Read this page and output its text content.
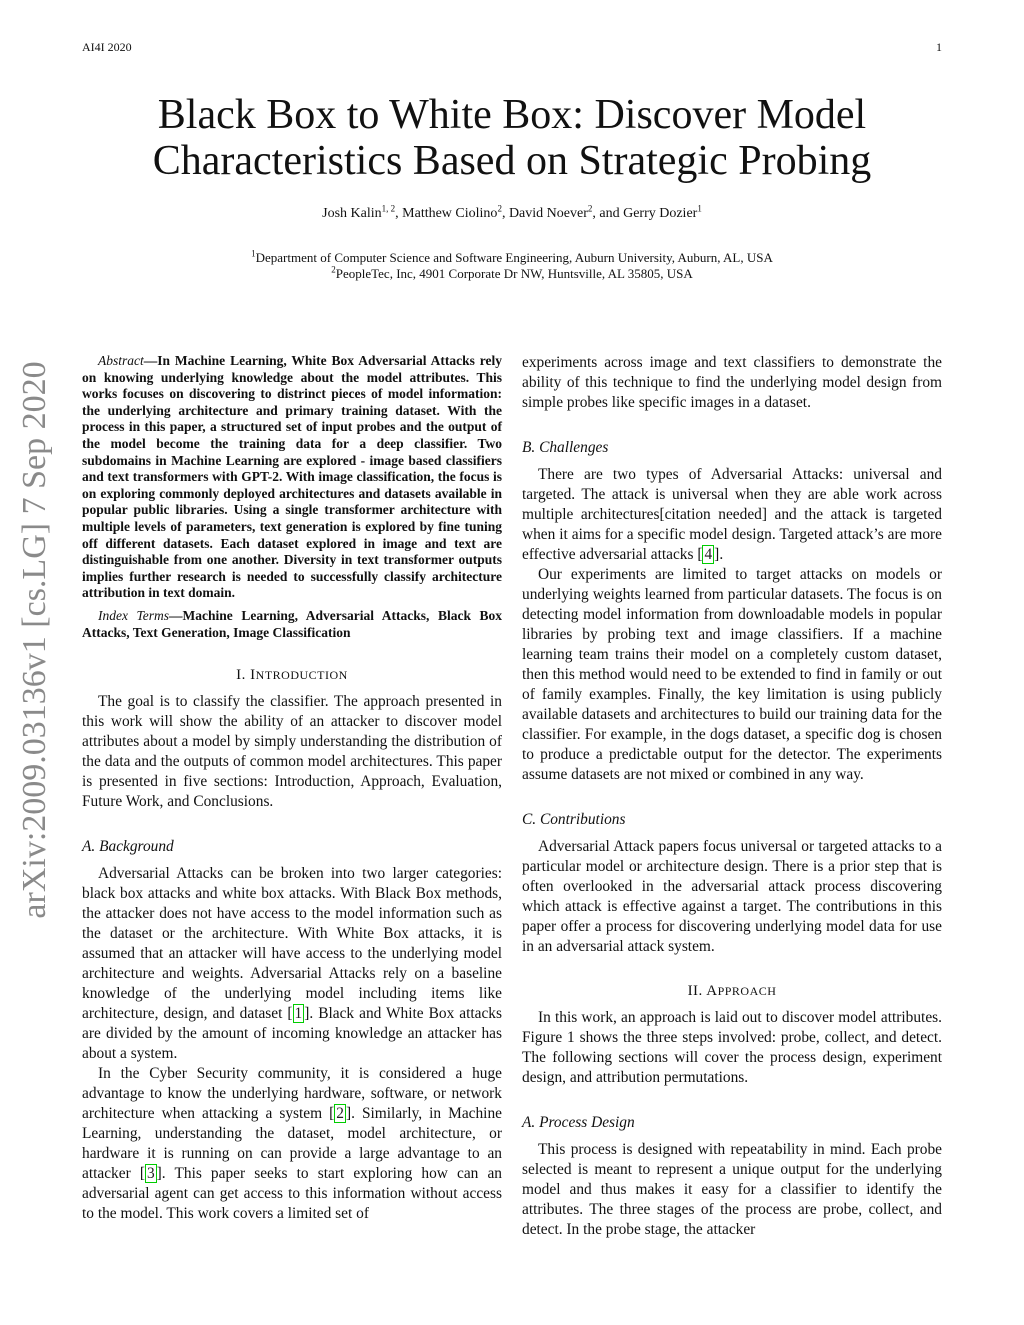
AI4I 2020	1
arXiv:2009.03136v1 [cs.LG] 7 Sep 2020
Black Box to White Box: Discover Model
Characteristics Based on Strategic Probing
Josh Kalin$^{1, 2}$, Matthew Ciolino$^2$, David Noever$^2$, and Gerry Dozier$^1$
$^1$Department of Computer Science and Software Engineering, Auburn University, Auburn, AL, USA
$^2$PeopleTec, Inc, 4901 Corporate Dr NW, Huntsville, AL 35805, USA

Abstract—In Machine Learning, White Box Adversarial Attacks rely on knowing underlying knowledge about the model attributes. This works focuses on discovering to distrinct pieces of model information: the underlying architecture and primary training dataset. With the process in this paper, a structured set of input probes and the output of the model become the training data for a deep classifier. Two subdomains in Machine Learning are explored - image based classifiers and text transformers with GPT-2. With image classification, the focus is on exploring commonly deployed architectures and datasets available in popular public libraries. Using a single transformer architecture with multiple levels of parameters, text generation is explored by fine tuning off different datasets. Each dataset explored in image and text are distinguishable from one another. Diversity in text transformer outputs implies further research is needed to successfully classify architecture attribution in text domain.

Index Terms—Machine Learning, Adversarial Attacks, Black Box Attacks, Text Generation, Image Classification

I. INTRODUCTION

The goal is to classify the classifier. The approach presented in this work will show the ability of an attacker to discover model attributes about a model by simply understanding the distribution of the data and the outputs of common model architectures. This paper is presented in five sections: Introduction, Approach, Evaluation, Future Work, and Conclusions.

A. Background

Adversarial Attacks can be broken into two larger categories: black box attacks and white box attacks. With Black Box methods, the attacker does not have access to the model information such as the dataset or the architecture. With White Box attacks, it is assumed that an attacker will have access to the underlying model architecture and weights. Adversarial Attacks rely on a baseline knowledge of the underlying model including items like architecture, design, and dataset [ 1 ]. Black and White Box attacks are divided by the amount of incoming knowledge an attacker has about a system.

In the Cyber Security community, it is considered a huge advantage to know the underlying hardware, software, or network architecture when attacking a system [ 2 ]. Similarly, in Machine Learning, understanding the dataset, model architecture, or hardware it is running on can provide a large advantage to an attacker [ 3 ]. This paper seeks to start exploring how can an adversarial agent can get access to this information without access to the model. This work covers a limited set of

experiments across image and text classifiers to demonstrate the ability of this technique to find the underlying model design from simple probes like specific images in a dataset.

B. Challenges

There are two types of Adversarial Attacks: universal and targeted. The attack is universal when they are able work across multiple architectures[citation needed] and the attack is targeted when it aims for a specific model design. Targeted attack’s are more effective adversarial attacks [ 4 ].

Our experiments are limited to target attacks on models or underlying weights learned from particular datasets. The focus is on detecting model information from downloadable models in popular libraries by probing text and image classifiers. If a machine learning team trains their model on a completely custom dataset, then this method would need to be extended to find in family or out of family examples. Finally, the key limitation is using publicly available datasets and architectures to build our training data for the classifier. For example, in the dogs dataset, a specific dog is chosen to produce a predictable output for the detector. The experiments assume datasets are not mixed or combined in any way.

C. Contributions

Adversarial Attack papers focus universal or targeted attacks to a particular model or architecture design. There is a prior step that is often overlooked in the adversarial attack process discovering which attack is effective against a target. The contributions in this paper offer a process for discovering underlying model data for use in an adversarial attack system.

II. APPROACH

In this work, an approach is laid out to discover model attributes. Figure 1 shows the three steps involved: probe, collect, and detect. The following sections will cover the process design, experiment design, and attribution permutations.

A. Process Design

This process is designed with repeatability in mind. Each probe selected is meant to represent a unique output for the underlying model and thus makes it easy for a classifier to identify the attributes. The three stages of the process are probe, collect, and detect. In the probe stage, the attacker
